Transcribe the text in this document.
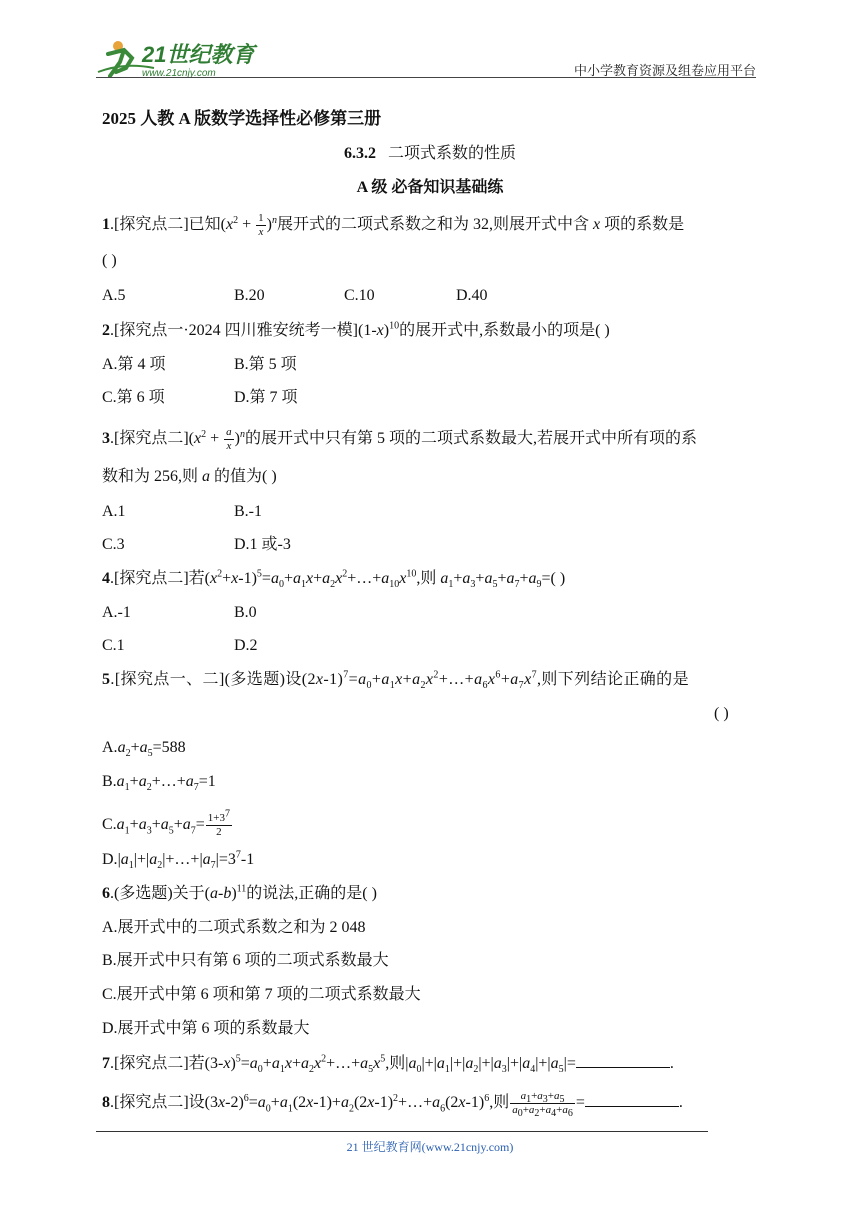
21世纪教育
www.21cnjy.com	中小学教育资源及组卷应用平台
2025 人教 A 版数学选择性必修第三册
6.3.2 二项式系数的性质
A 级 必备知识基础练
1.[探究点二]已知$(x^2 + \frac{1}{x} )^n$展开式的二项式系数之和为 32,则展开式中含 x 项的系数是
( )
A.5	B.20	C.10	D.40
2.[探究点一·2024 四川雅安统考一模]$(1-x)^{10}$的展开式中,系数最小的项是( )
A.第 4 项	B.第 5 项
C.第 6 项	D.第 7 项
3.[探究点二]$(x^2 + \frac{a}{x} )^n$的展开式中只有第 5 项的二项式系数最大,若展开式中所有项的系
数和为 256,则 a 的值为( )
A.1	B.-1
C.3	D.1 或-3
4.[探究点二]若$(x^2+x-1)^5=a_0+a_1x+a_2x^2+\dots+a_{10}x^{10}$,则 $a_1+a_3+a_5+a_7+a_9=$( )
A.-1	B.0
C.1	D.2
5.[探究点一、二](多选题)设$(2x-1)^7=a_0+a_1x+a_2x^2+\dots+a_6x^6+a_7x^7$,则下列结论正确的是
( )
$A.a_2+a_5=588$
$B.a_1+a_2+\dots+a_7=1$
$C.a_1+a_3+a_5+a_7= \frac{1+3^7}{2}$
$D.|a_1|+|a_2|+\dots+|a_7|=3^7-1$
6.(多选题)关于$(a-b)^{11}$的说法,正确的是( )
A.展开式中的二项式系数之和为 2 048
B.展开式中只有第 6 项的二项式系数最大
C.展开式中第 6 项和第 7 项的二项式系数最大
D.展开式中第 6 项的系数最大
7.[探究点二]若$(3-x)^5=a_0+a_1x+a_2x^2+\dots+a_5x^5$,则$|a_0|+|a_1|+|a_2|+|a_3|+|a_4|+|a_5|=$	.
8.[探究点二]设$(3x-2)^6=a_0+a_1(2x-1)+a_2(2x-1)^2+\dots+a_6(2x-1)^6$,则 $\frac{a_1+a_3+a_5}{a_0+a_2+a_4+a_6}$ =	.
21 世纪教育网(www.21cnjy.com)
